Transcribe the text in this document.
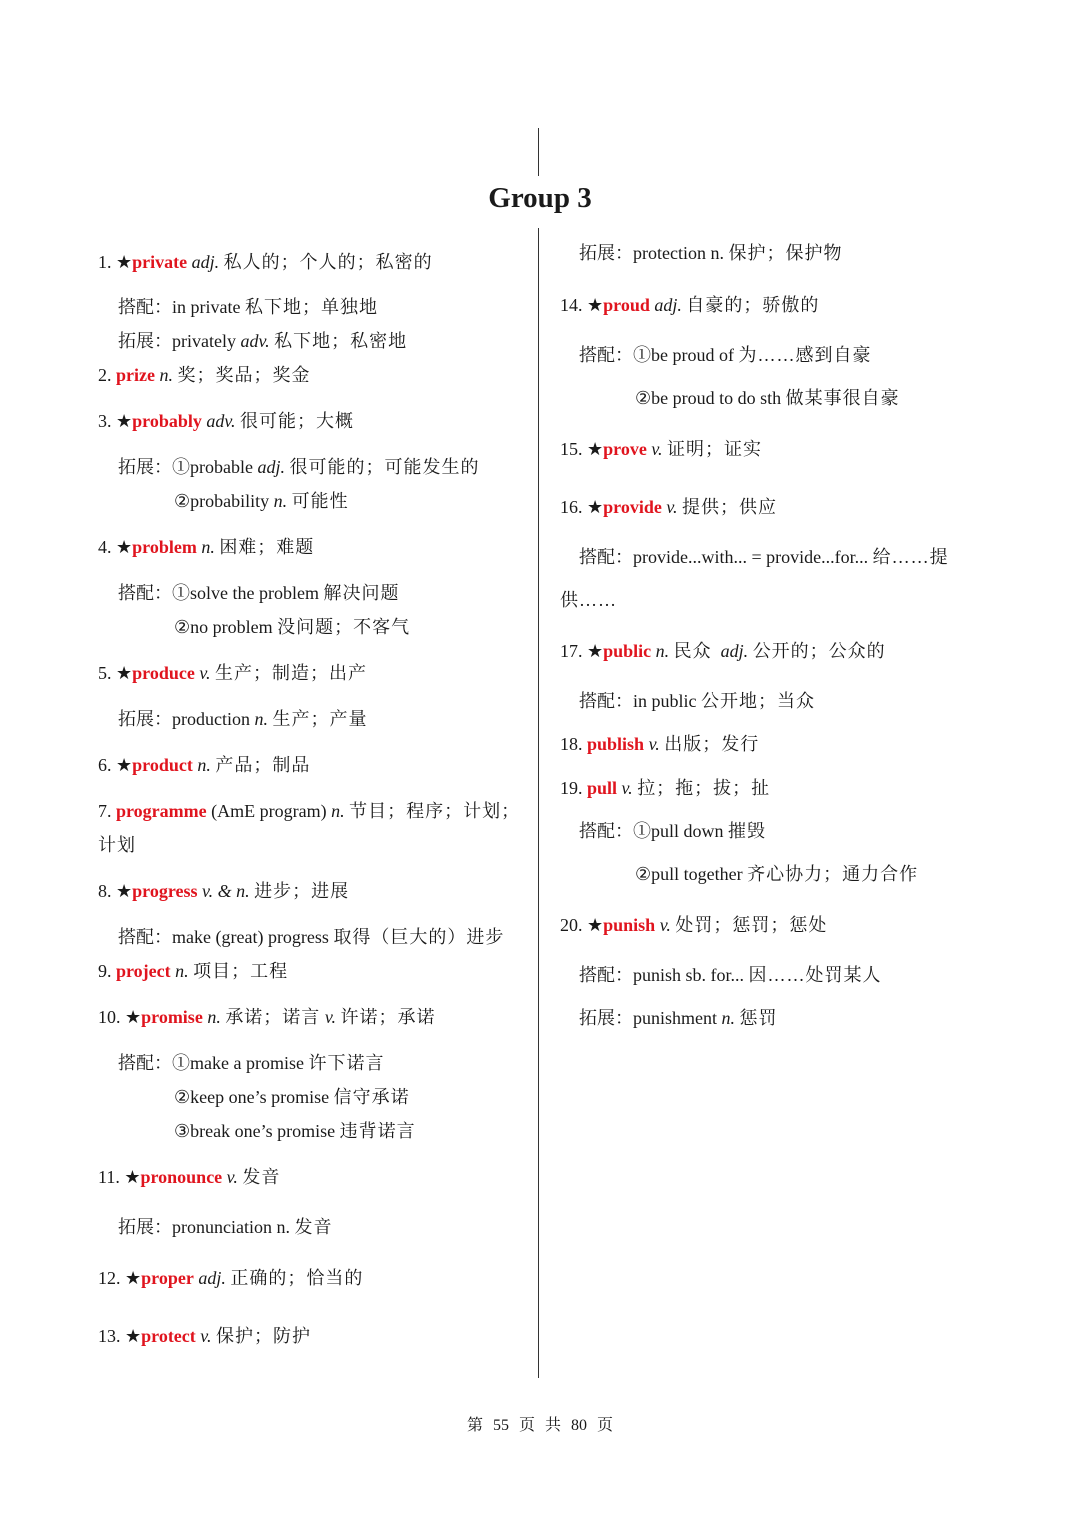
Group 3
1. ★private adj. 私人的；个人的；私密的
搭配：in private 私下地；单独地
拓展：privately adv. 私下地；私密地
2. prize n. 奖；奖品；奖金
3. ★probably adv. 很可能；大概
拓展：①probable adj. 很可能的；可能发生的
②probability n. 可能性
4. ★problem n. 困难；难题
搭配：①solve the problem 解决问题
②no problem 没问题；不客气
5. ★produce v. 生产；制造；出产
拓展：production n. 生产；产量
6. ★product n. 产品；制品
7. programme (AmE program) n. 节目；程序；计划；
计划
8. ★progress v. & n. 进步；进展
搭配：make (great) progress 取得（巨大的）进步
9. project n. 项目；工程
10. ★promise n. 承诺；诺言 v. 许诺；承诺
搭配：①make a promise 许下诺言
②keep one’s promise 信守承诺
③break one’s promise 违背诺言
11. ★pronounce v. 发音
拓展：pronunciation n. 发音
12. ★proper adj. 正确的；恰当的
13. ★protect v. 保护；防护
拓展：protection n. 保护；保护物
14. ★proud adj. 自豪的；骄傲的
搭配：①be proud of 为……感到自豪
②be proud to do sth 做某事很自豪
15. ★prove v. 证明；证实
16. ★provide v. 提供；供应
搭配：provide...with... = provide...for... 给……提
供……
17. ★public n. 民众 adj. 公开的；公众的
搭配：in public 公开地；当众
18. publish v. 出版；发行
19. pull v. 拉；拖；拔；扯
搭配：①pull down 摧毁
②pull together 齐心协力；通力合作
20. ★punish v. 处罚；惩罚；惩处
搭配：punish sb. for... 因……处罚某人
拓展：punishment n. 惩罚
第 55 页 共 80 页
